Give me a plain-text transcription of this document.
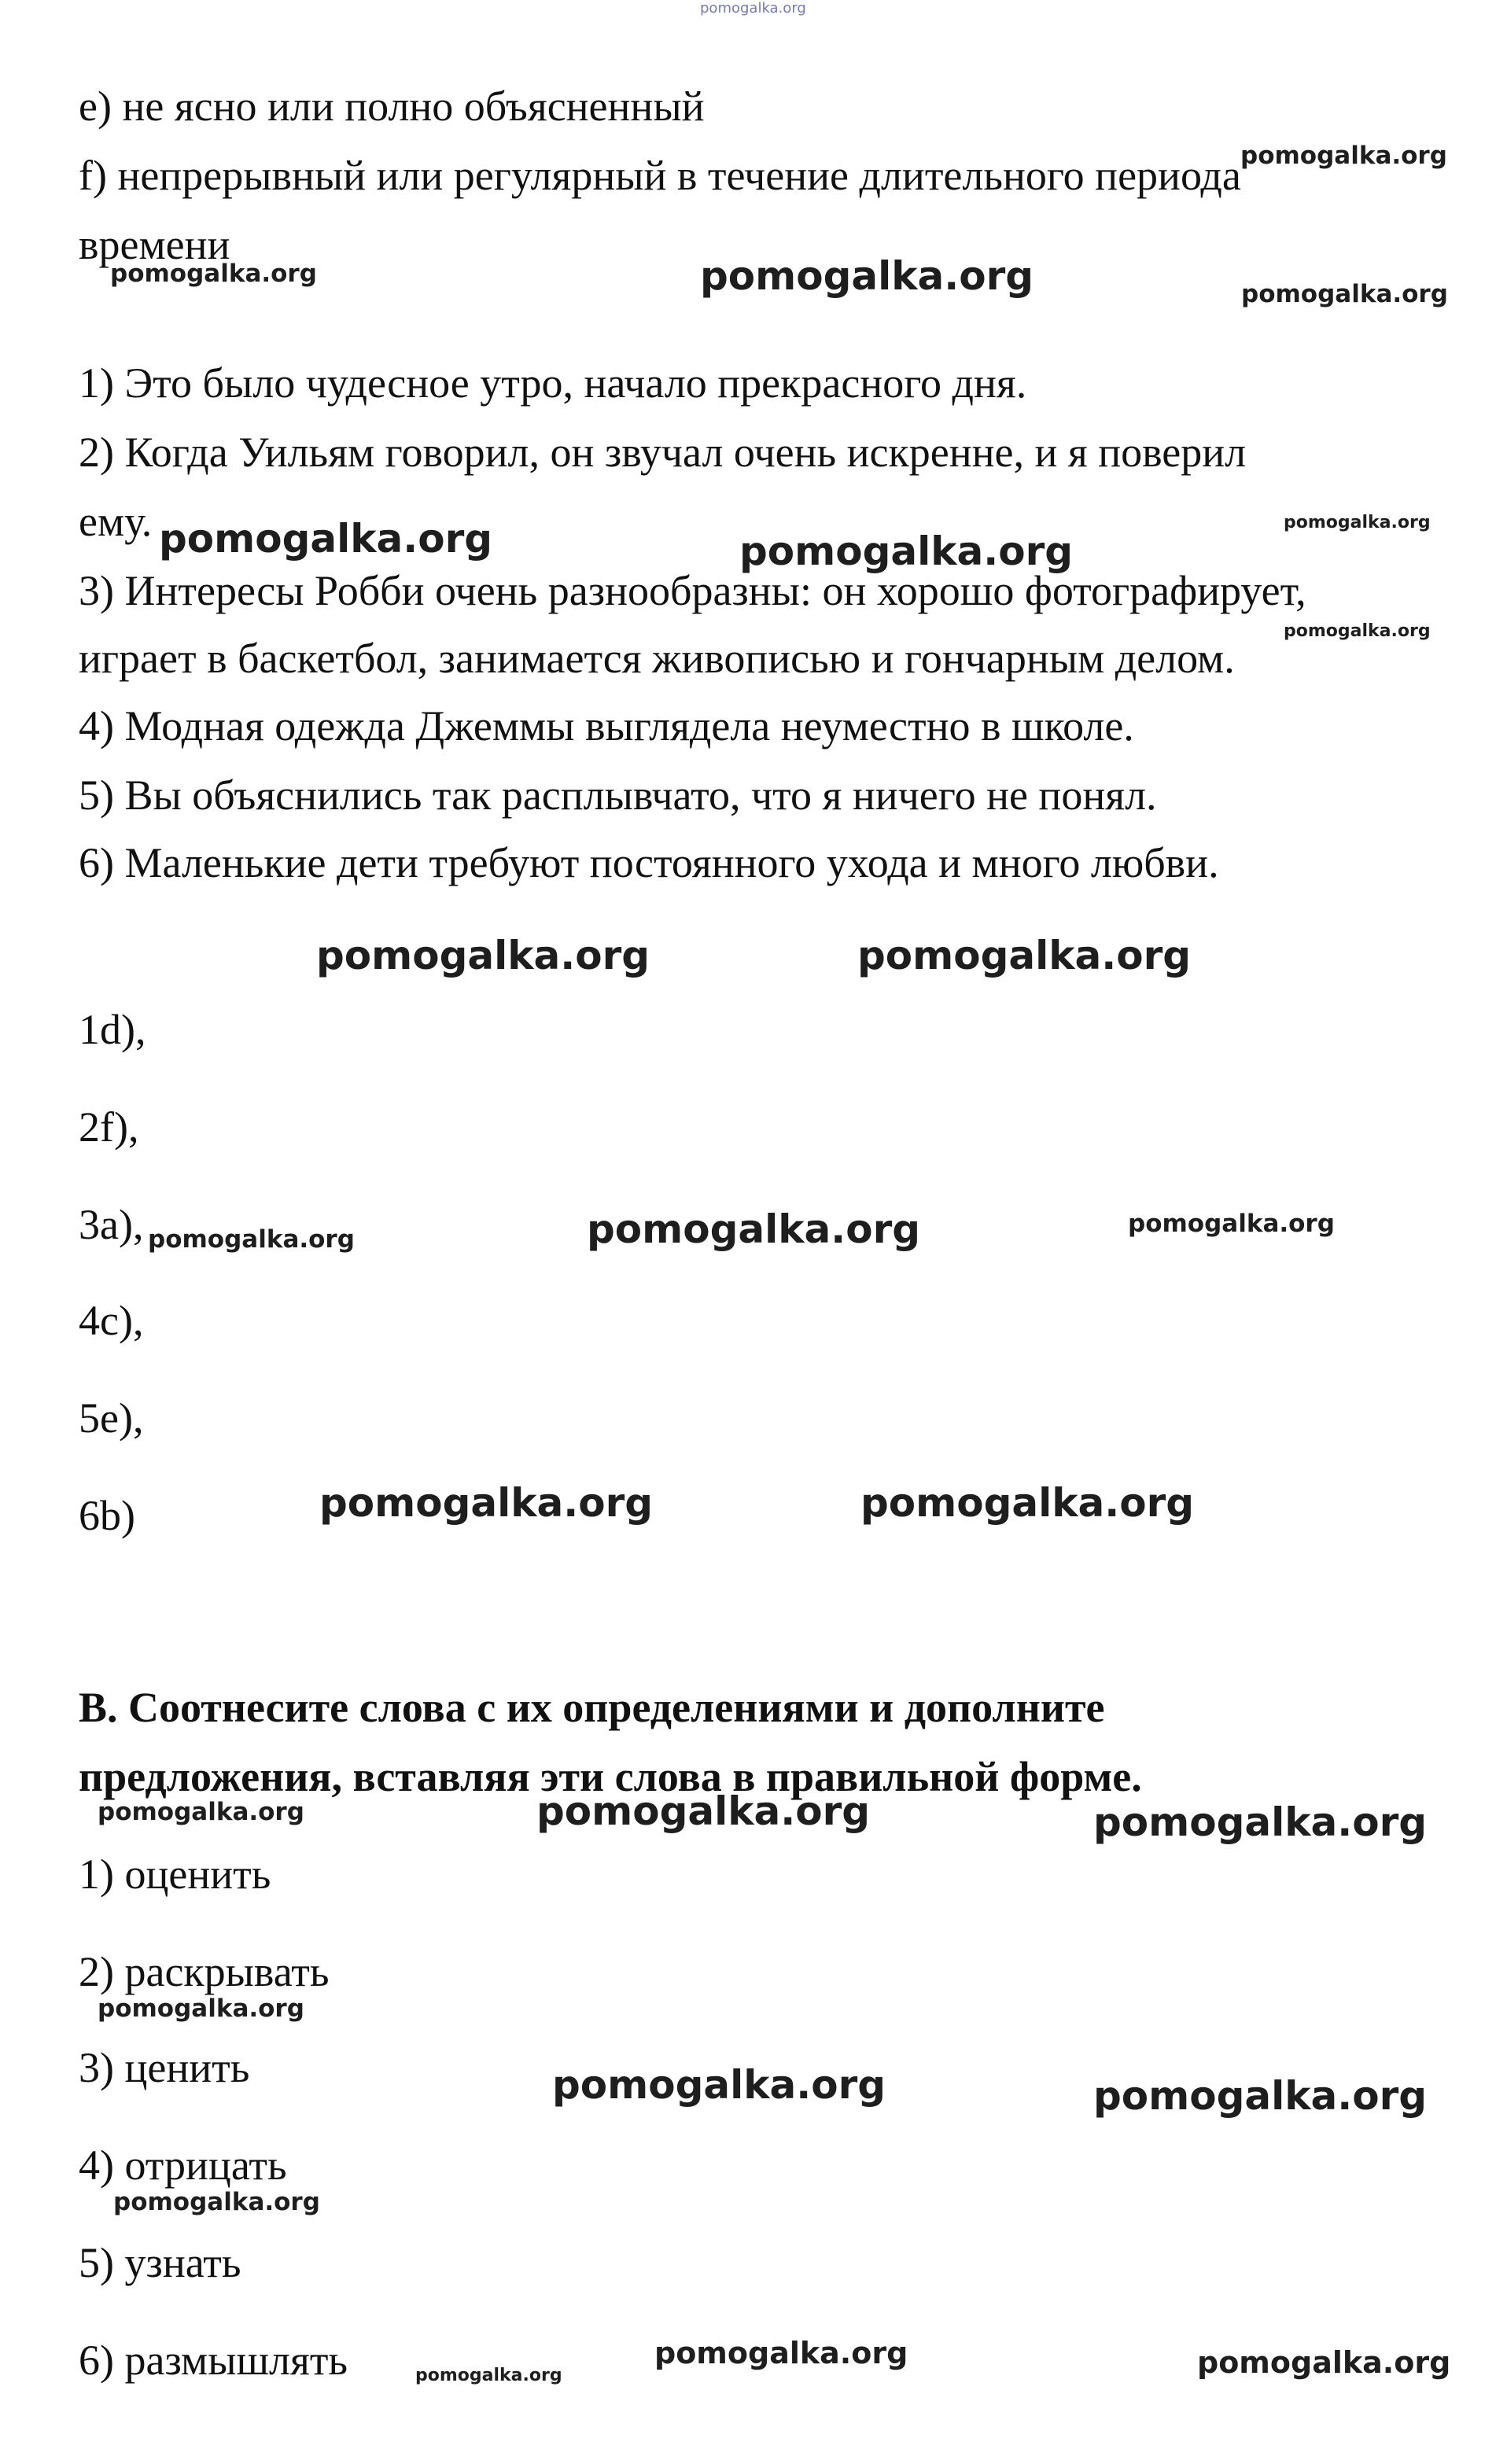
pomogalka.org
e) не ясно или полно объясненный
f) непрерывный или регулярный в течение длительного периода
времени
pomogalka.org
pomogalka.org	pomogalka.org	pomogalka.org
1) Это было чудесное утро, начало прекрасного дня.
2) Когда Уильям говорил, он звучал очень искренне, и я поверил
ему. pomogalka.org	pomogalka.org
pomogalka.org
3) Интересы Робби очень разнообразны: он хорошо фотографирует,
pomogalka.org
играет в баскетбол, занимается живописью и гончарным делом.
4) Модная одежда Джеммы выглядела неуместно в школе.
5) Вы объяснились так расплывчато, что я ничего не понял.
6) Маленькие дети требуют постоянного ухода и много любви.
pomogalka.org	pomogalka.org
1d),
2f),
3a), pomogalka.org	pomogalka.org	pomogalka.org
4c),
5e),
6b)	pomogalka.org	pomogalka.org
B. Соотнесите слова с их определениями и дополните
предложения, вставляя эти слова в правильной форме.
pomogalka.org	pomogalka.org	pomogalka.org
1) оценить
2) раскрывать
pomogalka.org
3) ценить	pomogalka.org	pomogalka.org
4) отрицать
pomogalka.org
5) узнать
6) размышлять	pomogalka.org
pomogalka.org	pomogalka.org
